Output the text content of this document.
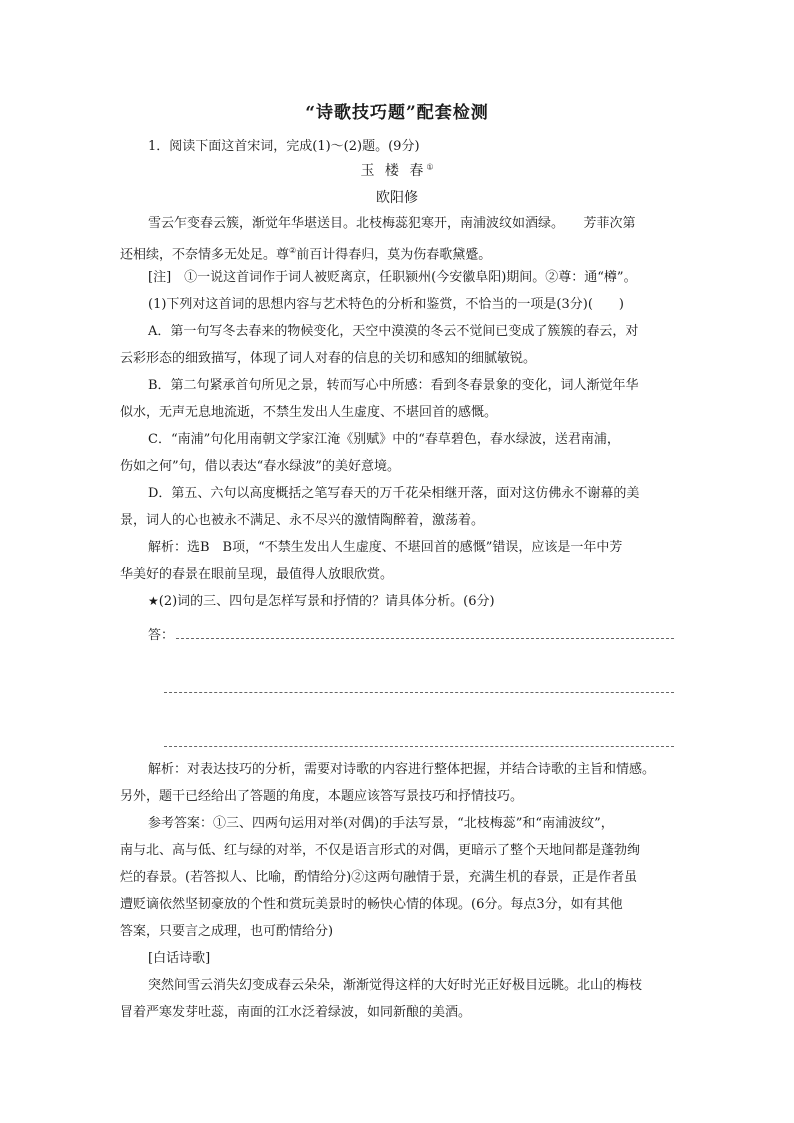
“诗歌技巧题”配套检测
1．阅读下面这首宋词，完成(1)～(2)题。(9分)
玉 楼 春①
欧阳修

雪云乍变春云簇，渐觉年华堪送目。北枝梅蕊犯寒开，南浦波纹如酒绿。　　芳菲次第

还相续，不奈情多无处足。尊②前百计得春归，莫为伤春歌黛蹙。

[注]　①一说这首词作于词人被贬离京，任职颍州(今安徽阜阳)期间。②尊：通“樽”。

(1)下列对这首词的思想内容与艺术特色的分析和鉴赏，不恰当的一项是(3分)(　　)

A．第一句写冬去春来的物候变化，天空中漠漠的冬云不觉间已变成了簇簇的春云，对

云彩形态的细致描写，体现了词人对春的信息的关切和感知的细腻敏锐。

B．第二句紧承首句所见之景，转而写心中所感：看到冬春景象的变化，词人渐觉年华

似水，无声无息地流逝，不禁生发出人生虚度、不堪回首的感慨。

C．“南浦”句化用南朝文学家江淹《别赋》中的“春草碧色，春水绿波，送君南浦，

伤如之何”句，借以表达“春水绿波”的美好意境。

D．第五、六句以高度概括之笔写春天的万千花朵相继开落，面对这仿佛永不谢幕的美

景，词人的心也被永不满足、永不尽兴的激情陶醉着，激荡着。

解析：选B　B项，“不禁生发出人生虚度、不堪回首的感慨”错误，应该是一年中芳

华美好的春景在眼前呈现，最值得人放眼欣赏。

★(2)词的三、四句是怎样写景和抒情的？请具体分析。(6分)

答：

解析：对表达技巧的分析，需要对诗歌的内容进行整体把握，并结合诗歌的主旨和情感。

另外，题干已经给出了答题的角度，本题应该答写景技巧和抒情技巧。

参考答案：①三、四两句运用对举(对偶)的手法写景，“北枝梅蕊”和“南浦波纹”，

南与北、高与低、红与绿的对举，不仅是语言形式的对偶，更暗示了整个天地间都是蓬勃绚

烂的春景。(若答拟人、比喻，酌情给分)②这两句融情于景，充满生机的春景，正是作者虽

遭贬谪依然坚韧豪放的个性和赏玩美景时的畅快心情的体现。(6分。每点3分，如有其他

答案，只要言之成理，也可酌情给分)

[白话诗歌]

突然间雪云消失幻变成春云朵朵，渐渐觉得这样的大好时光正好极目远眺。北山的梅枝

冒着严寒发芽吐蕊，南面的江水泛着绿波，如同新酿的美酒。
